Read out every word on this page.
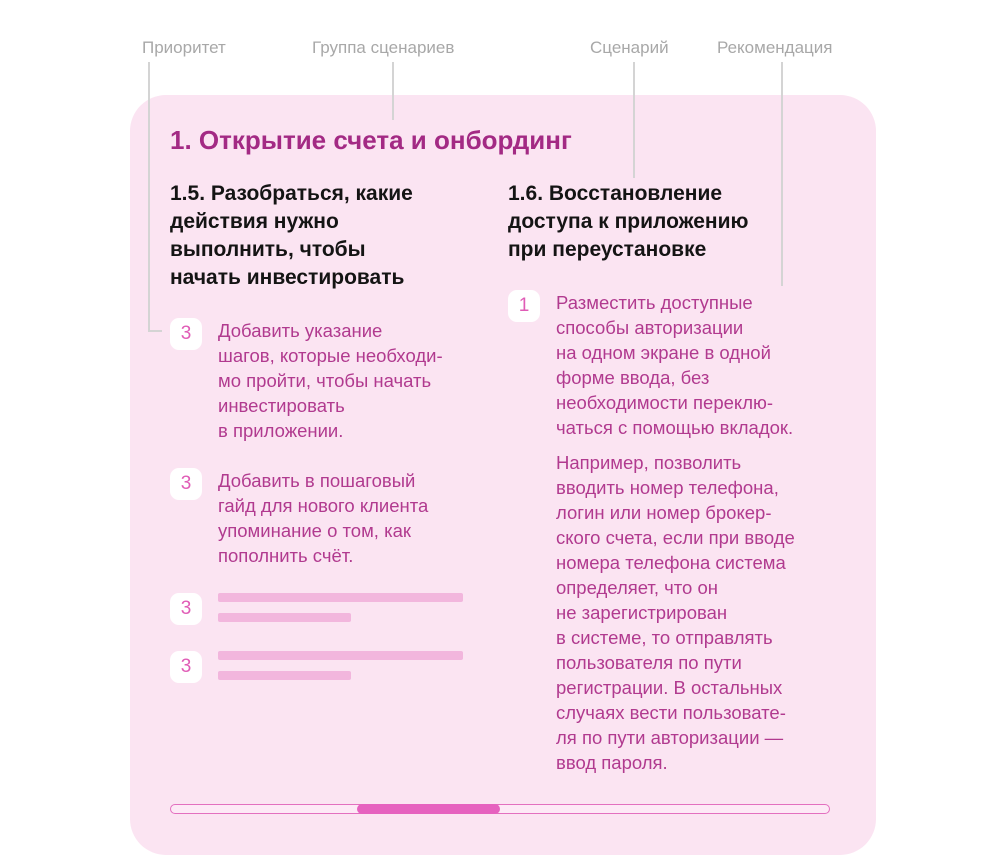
Приоритет	Группа сценариев	Сценарий	Рекомендация
1. Открытие счета и онбординг
1.5. Разобраться, какие
действия нужно
выполнить, чтобы
начать инвестировать
3	Добавить указание
шагов, которые необходи-
мо пройти, чтобы начать
инвестировать
в приложении.
3	Добавить в пошаговый
гайд для нового клиента
упоминание о том, как
пополнить счёт.
3
3
1.6. Восстановление
доступа к приложению
при переустановке
1	Разместить доступные
способы авторизации
на одном экране в одной
форме ввода, без
необходимости переклю-
чаться с помощью вкладок.
Например, позволить
вводить номер телефона,
логин или номер брокер-
ского счета, если при вводе
номера телефона система
определяет, что он
не зарегистрирован
в системе, то отправлять
пользователя по пути
регистрации. В остальных
случаях вести пользовате-
ля по пути авторизации —
ввод пароля.
